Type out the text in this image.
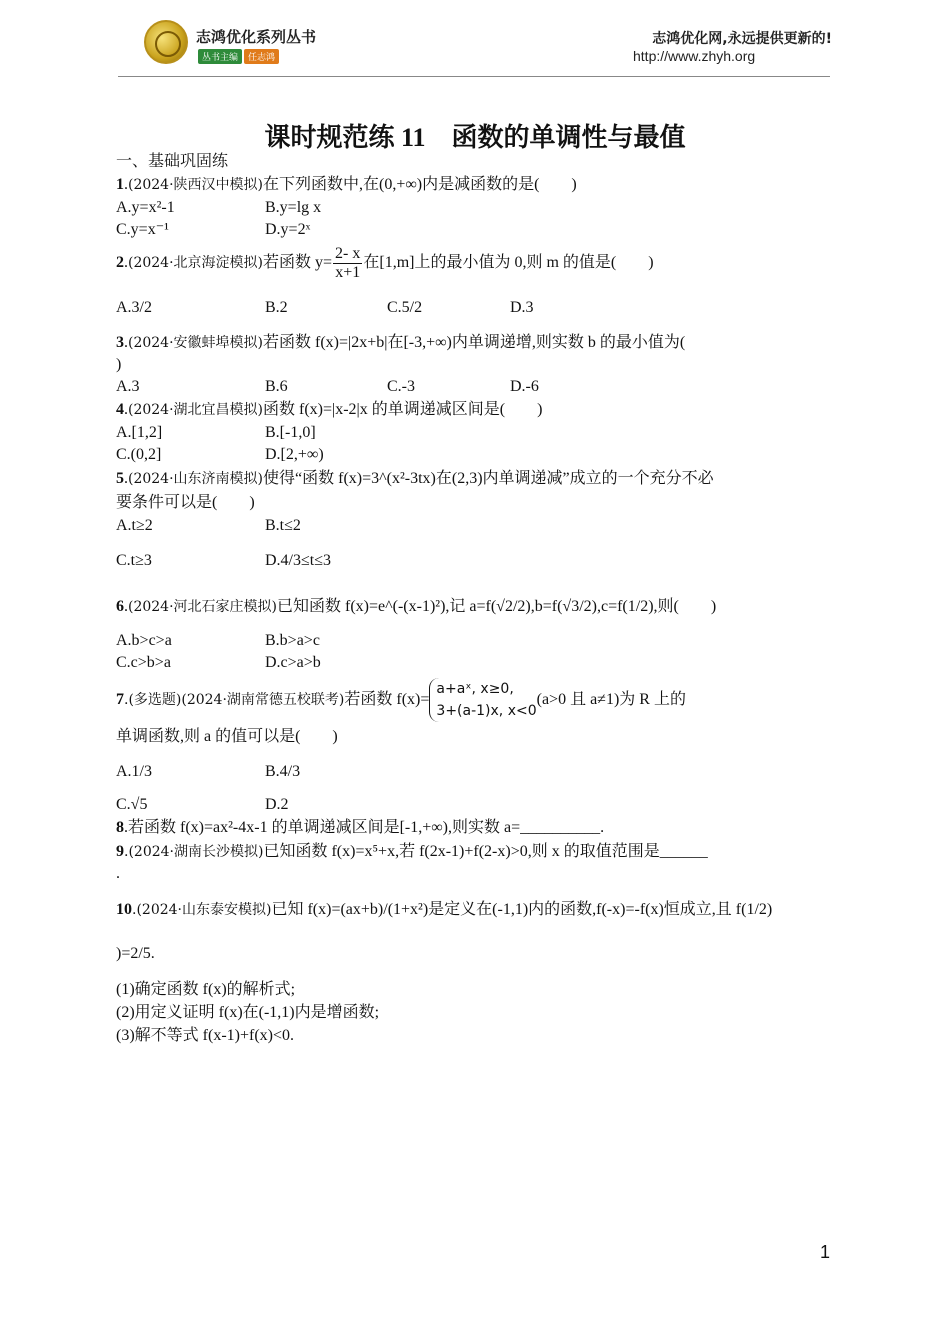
志鸿优化系列丛书
丛书主编 任志鸿
志鸿优化网,永远提供更新的!
http://www.zhyh.org
课时规范练 11　函数的单调性与最值
一、基础巩固练
1.(2024·陕西汉中模拟)在下列函数中,在(0,+∞)内是减函数的是(　　)
A.y=x²-1	B.y=lg x
C.y=x⁻¹	D.y=2ˣ
2.(2024·北京海淀模拟)若函数 $y= \frac{2- x}{x+1}$ 在[1,m]上的最小值为 0,则 m 的值是(　　)
A.3/2	B.2	C.5/2	D.3
3.(2024·安徽蚌埠模拟)若函数 f(x)=|2x+b|在[-3,+∞)内单调递增,则实数 b 的最小值为(
)
A.3	B.6	C.-3	D.-6
4.(2024·湖北宜昌模拟)函数 f(x)=|x-2|x 的单调递减区间是(　　)
A.[1,2]	B.[-1,0]
C.(0,2]	D.[2,+∞)
5.(2024·山东济南模拟)使得“函数 f(x)=3^(x²-3tx)在(2,3)内单调递减”成立的一个充分不必
要条件可以是(　　)
A.t≥2	B.t≤2
C.t≥3	D.4/3≤t≤3
6.(2024·河北石家庄模拟)已知函数 f(x)=e^(-(x-1)²),记 a=f(√2/2),b=f(√3/2),c=f(1/2),则(　　)
A.b>c>a	B.b>a>c
C.c>b>a	D.c>a>b
7.(多选题)(2024·湖南常德五校联考)若函数 f(x)=
a+aˣ, x≥0,
3+(a-1)x, x<0
(a>0 且 a≠1)为 R 上的
单调函数,则 a 的值可以是(　　)
A.1/3	B.4/3
C.√5	D.2
8.若函数 f(x)=ax²-4x-1 的单调递减区间是[-1,+∞),则实数 a=__________.
9.(2024·湖南长沙模拟)已知函数 f(x)=x⁵+x,若 f(2x-1)+f(2-x)>0,则 x 的取值范围是______
.
10.(2024·山东泰安模拟)已知 f(x)=(ax+b)/(1+x²)是定义在(-1,1)内的函数,f(-x)=-f(x)恒成立,且 f(1/2)
)=2/5.
(1)确定函数 f(x)的解析式;
(2)用定义证明 f(x)在(-1,1)内是增函数;
(3)解不等式 f(x-1)+f(x)<0.
1
